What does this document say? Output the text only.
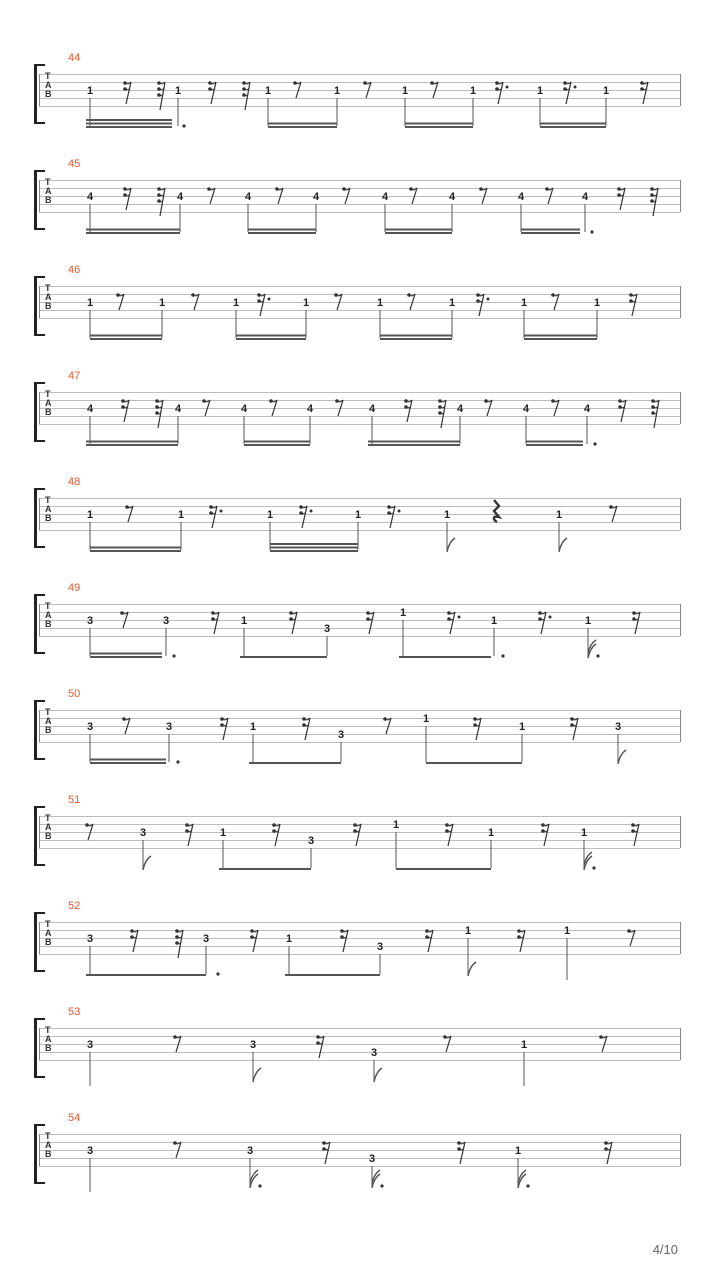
44
T
A
B	1	1	1	1	1	1	1	1
45
T
A
B	4	4	4	4	4	4	4	4
46
T
A
B	1	1	1	1	1	1	1	1
47
T
A
B	4	4	4	4	4	4	4	4
48
T
A
B	1	1	1	1	1	1
49
T
A
B	3	3	1
3
1
1	1
50
T
A
B	3	3	1
3
1
1	3
51
T
A
B	3	1
3
1
1	1
52
T
A
B	3	3	1
3
1	1
53
T
A
B	3	3
3
1
54
T
A
B	3	3
3
1
4/10
